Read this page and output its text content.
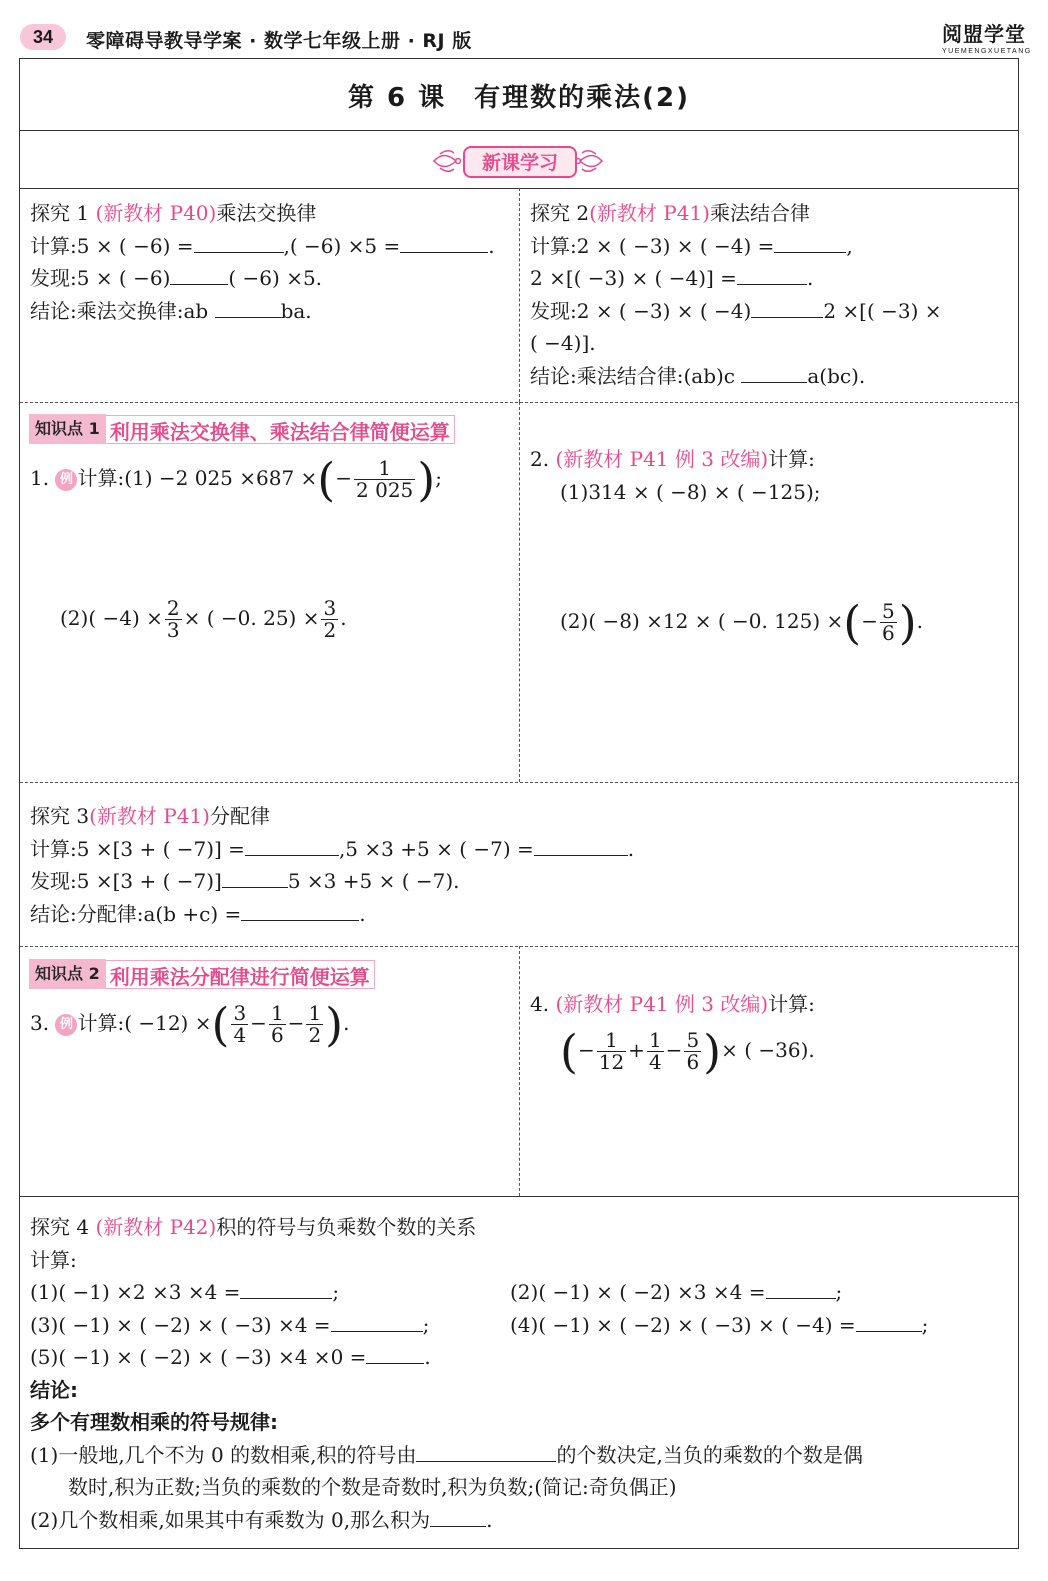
34	零障碍导教导学案 · 数学七年级上册 · RJ 版	阅盟学堂
YUEMENGXUETANG
第 6 课　有理数的乘法(2)
新课学习
探究 1 (新教材 P40)乘法交换律
计算:5 × ( −6) =	,( −6) ×5 =	.
发现:5 × ( −6)	( −6) ×5.
结论:乘法交换律:ab	ba.
探究 2(新教材 P41)乘法结合律
计算:2 × ( −3) × ( −4) =	,
2 ×[( −3) × ( −4)] =	.
发现:2 × ( −3) × ( −4)	2 ×[( −3) ×
( −4)].
结论:乘法结合律:(ab)c	a(bc).
知识点 1 利用乘法交换律、乘法结合律简便运算
1. 例 计算:(1) −2 025 ×687 ×(− $\frac{1}{2 025}$ );
$(2)( -4) \times \frac{2}{3}$ × ( −0. $25) \times \frac{3}{2}$ .
2. (新教材 P41 例 3 改编)计算:
(1)314 × ( −8) × ( −125);
(2)( −8) ×12 × ( −0. 125) ×(− $\frac{5}{6}$ ).
探究 3(新教材 P41)分配律
计算:5 ×[3 + ( −7)] =	,5 ×3 +5 × ( −7) =	.
发现:5 ×[3 + ( −7)]	5 ×3 +5 × ( −7).
结论:分配律:a(b +c) =	.
知识点 2 利用乘法分配律进行简便运算
3. 例 计算:( −12) ×( $\frac{3}{4} - \frac{1}{6} - \frac{1}{2}$ ).
4. (新教材 P41 例 3 改编)计算:
(− $\frac{1}{12} + \frac{1}{4} - \frac{5}{6}$ )× ( −36).
探究 4 (新教材 P42)积的符号与负乘数个数的关系
计算:
(1)( −1) ×2 ×3 ×4 =	;	(2)( −1) × ( −2) ×3 ×4 =	;
(3)( −1) × ( −2) × ( −3) ×4 =	;	(4)( −1) × ( −2) × ( −3) × ( −4) =	;
(5)( −1) × ( −2) × ( −3) ×4 ×0 =	.
结论:
多个有理数相乘的符号规律:
(1)一般地,几个不为 0 的数相乘,积的符号由	的个数决定,当负的乘数的个数是偶
数时,积为正数;当负的乘数的个数是奇数时,积为负数;(简记:奇负偶正)
(2)几个数相乘,如果其中有乘数为 0,那么积为	.
